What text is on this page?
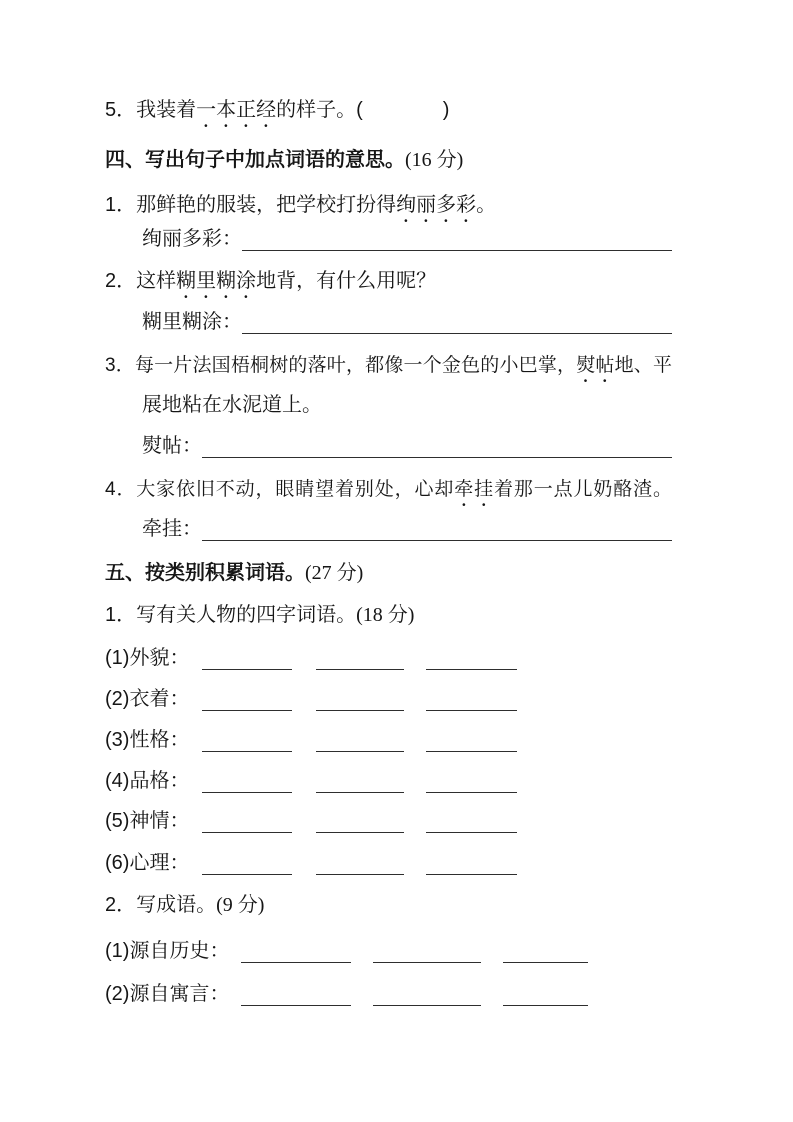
5．我装着一本正经的样子。(　　　　)
四、写出句子中加点词语的意思。(16 分)
1．那鲜艳的服装，把学校打扮得绚丽多彩。
绚丽多彩：
2．这样糊里糊涂地背，有什么用呢？
糊里糊涂：
3．每一片法国梧桐树的落叶，都像一个金色的小巴掌，熨帖地、平
展地粘在水泥道上。
熨帖：
4．大家依旧不动，眼睛望着别处，心却牵挂着那一点儿奶酪渣。
牵挂：
五、按类别积累词语。(27 分)
1．写有关人物的四字词语。(18 分)
(1)外貌：
(2)衣着：
(3)性格：
(4)品格：
(5)神情：
(6)心理：
2．写成语。(9 分)
(1)源自历史：
(2)源自寓言：
